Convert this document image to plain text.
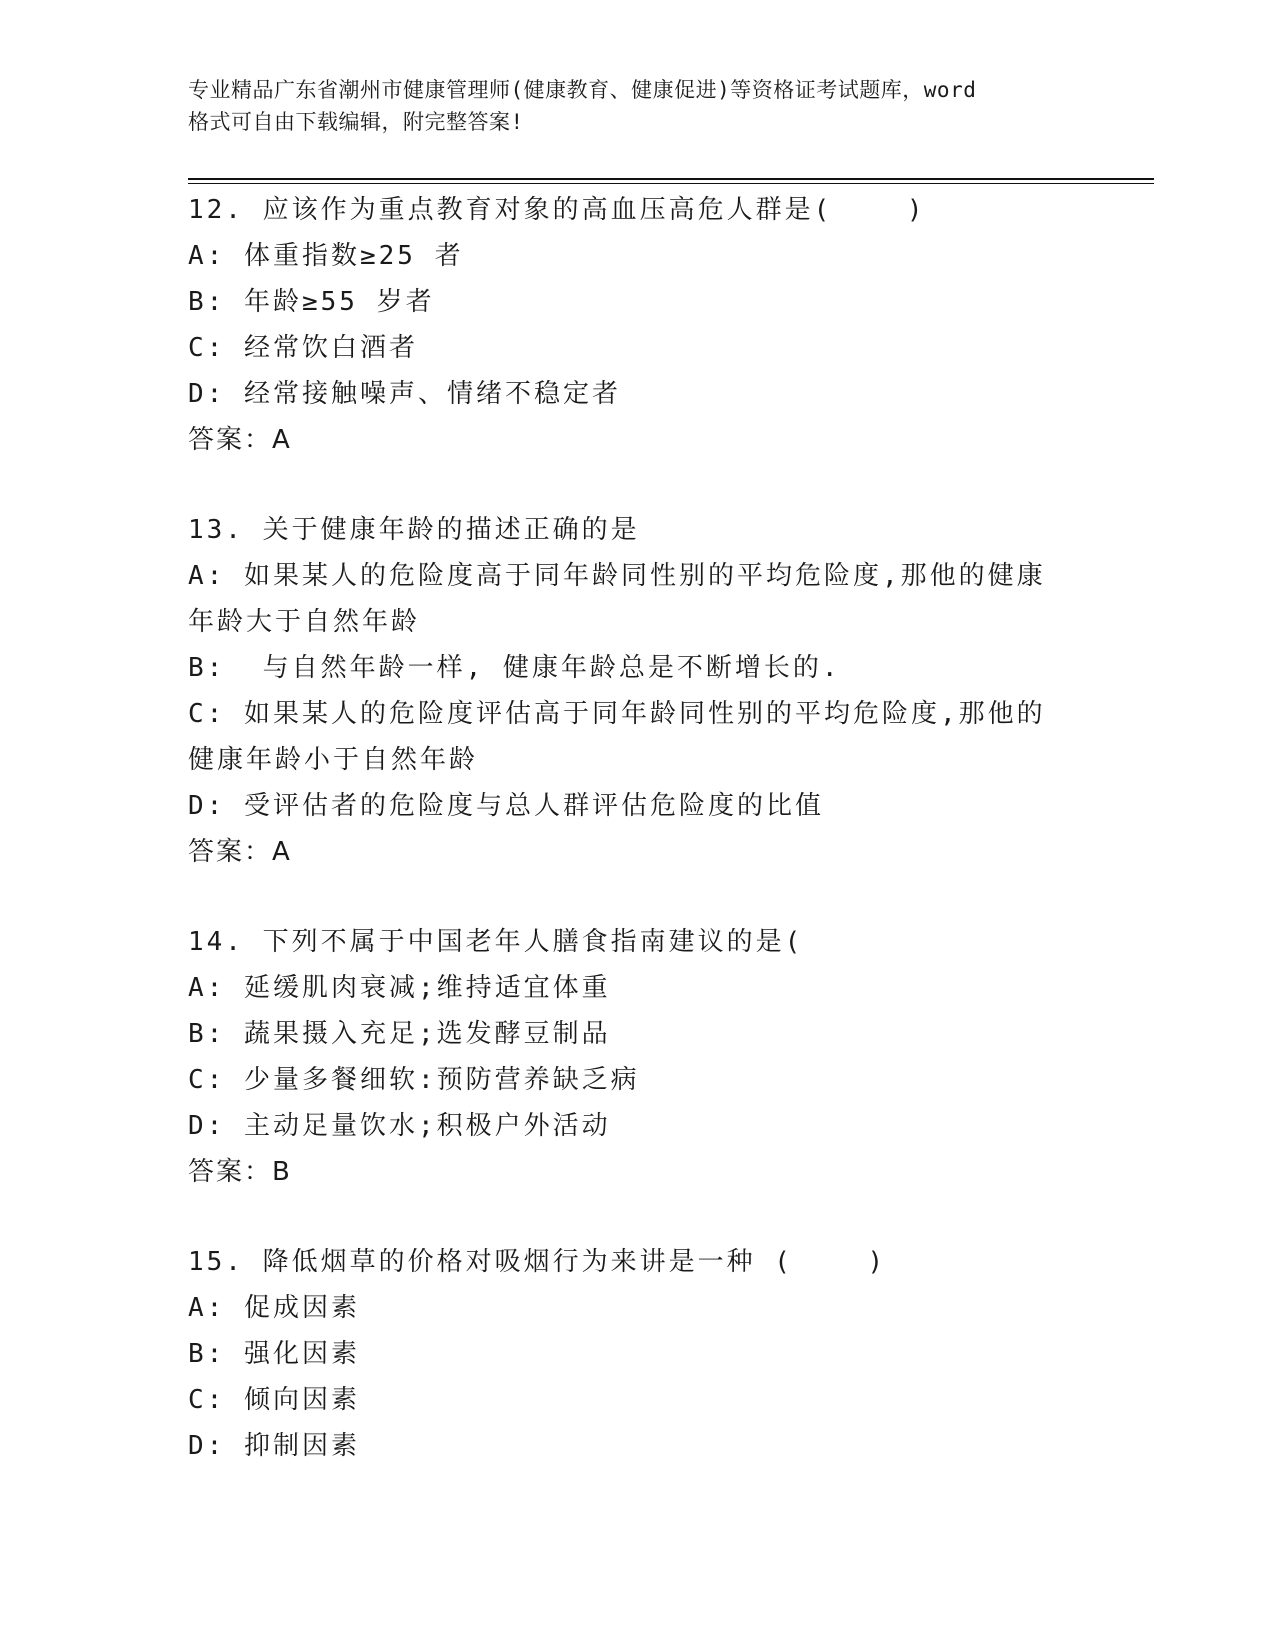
专业精品广东省潮州市健康管理师(健康教育、健康促进)等资格证考试题库，word
格式可自由下载编辑，附完整答案!
12. 应该作为重点教育对象的高血压高危人群是(    )
A: 体重指数≥25 者
B: 年龄≥55 岁者
C: 经常饮白酒者
D: 经常接触噪声、情绪不稳定者
答案：A
13. 关于健康年龄的描述正确的是
A: 如果某人的危险度高于同年龄同性别的平均危险度,那他的健康年龄大于自然年龄
B:  与自然年龄一样, 健康年龄总是不断增长的.
C: 如果某人的危险度评估高于同年龄同性别的平均危险度,那他的健康年龄小于自然年龄
D: 受评估者的危险度与总人群评估危险度的比值
答案：A
14. 下列不属于中国老年人膳食指南建议的是(
A: 延缓肌肉衰减;维持适宜体重
B: 蔬果摄入充足;选发酵豆制品
C: 少量多餐细软:预防营养缺乏病
D: 主动足量饮水;积极户外活动
答案：B
15. 降低烟草的价格对吸烟行为来讲是一种 (    )
A: 促成因素
B: 强化因素
C: 倾向因素
D: 抑制因素
